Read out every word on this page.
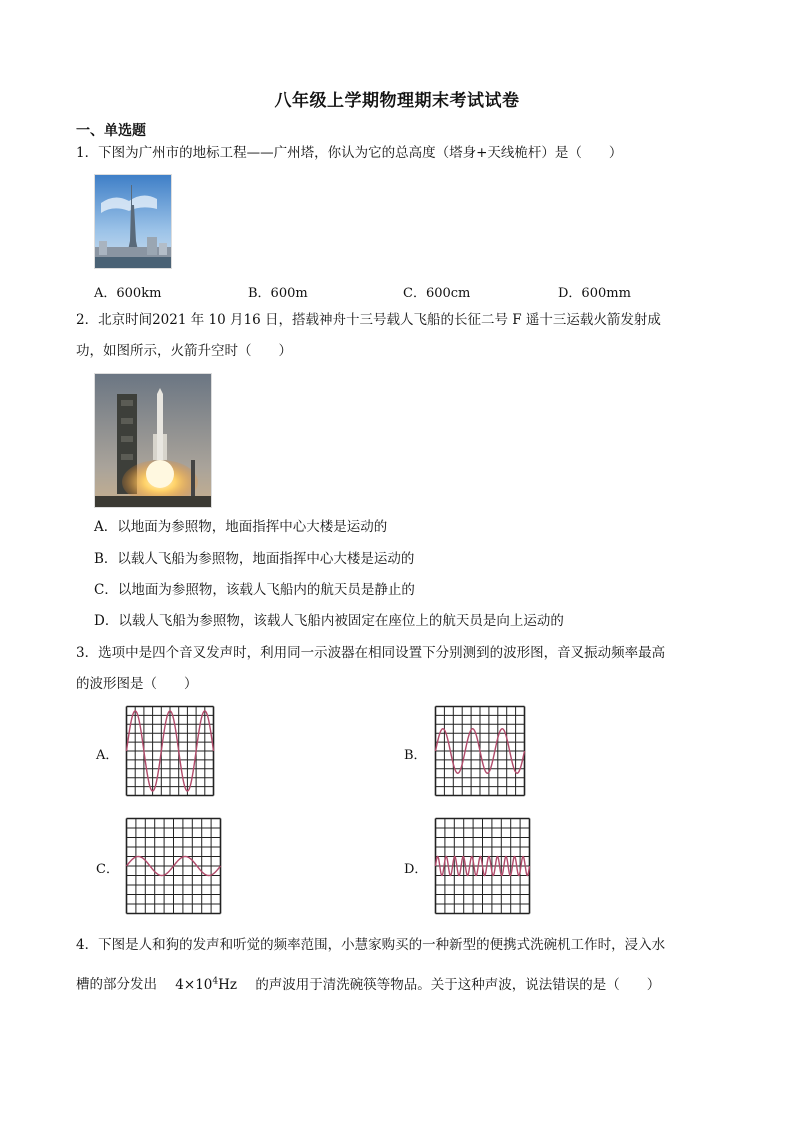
八年级上学期物理期末考试试卷
一、单选题
1．下图为广州市的地标工程——广州塔，你认为它的总高度（塔身+天线桅杆）是（　　）
A．600km	B．600m	C．600cm	D．600mm
2．北京时间2021 年 10 月16 日，搭载神舟十三号载人飞船的长征二号 F 遥十三运载火箭发射成
功，如图所示，火箭升空时（　　）
A．以地面为参照物，地面指挥中心大楼是运动的
B．以载人飞船为参照物，地面指挥中心大楼是运动的
C．以地面为参照物，该载人飞船内的航天员是静止的
D．以载人飞船为参照物，该载人飞船内被固定在座位上的航天员是向上运动的
3．选项中是四个音叉发声时，利用同一示波器在相同设置下分别测到的波形图，音叉振动频率最高
的波形图是（　　）
A．	B．
C．	D．
4．下图是人和狗的发声和听觉的频率范围，小慧家购买的一种新型的便携式洗碗机工作时，浸入水
槽的部分发出 $4\times 10^4Hz$ 的声波用于清洗碗筷等物品。关于这种声波，说法错误的是（　　）
